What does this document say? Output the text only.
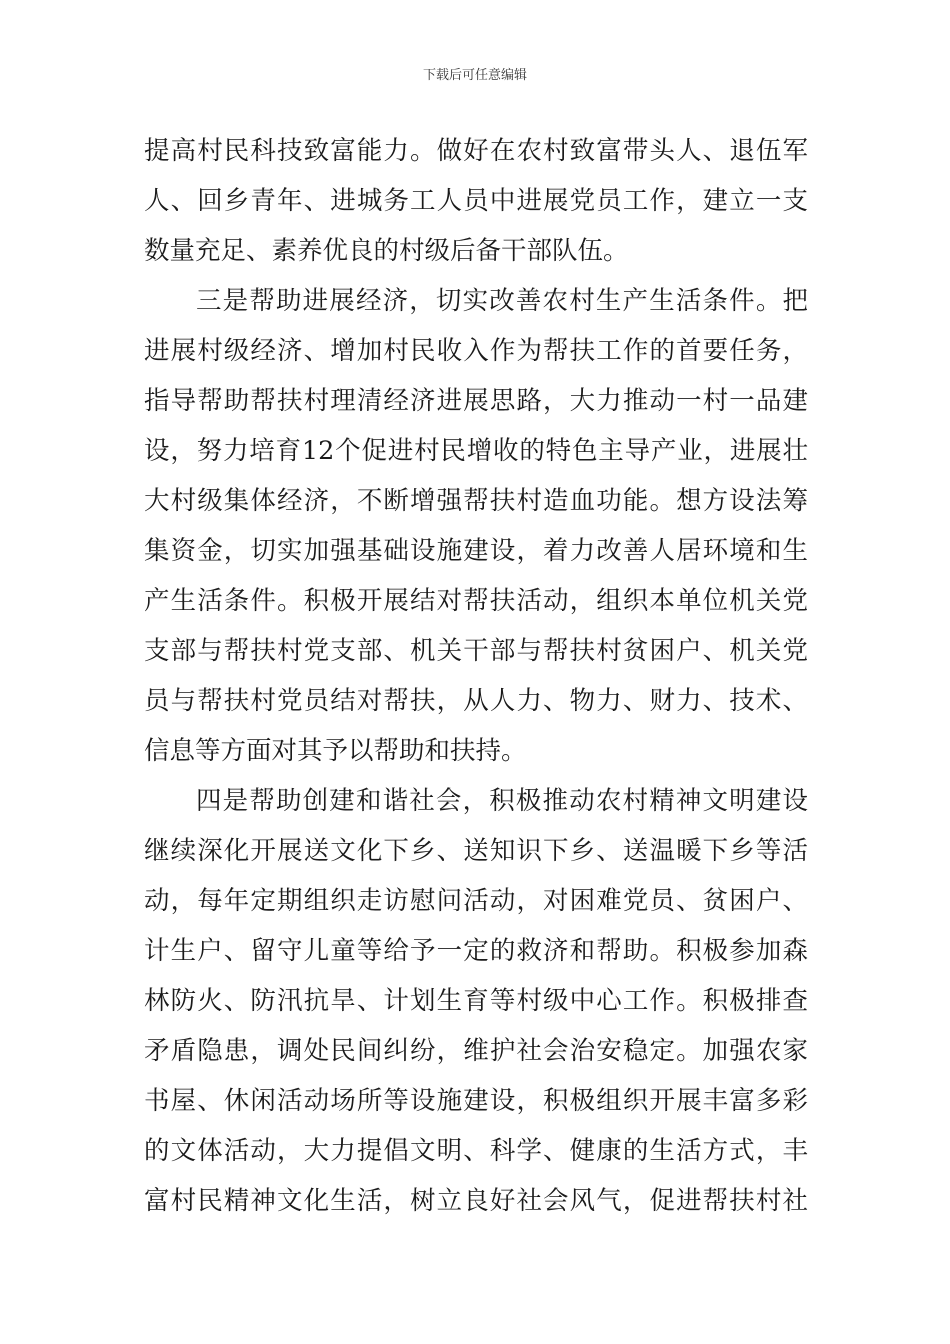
下载后可任意编辑
提高村民科技致富能力。做好在农村致富带头人、退伍军
人、回乡青年、进城务工人员中进展党员工作，建立一支
数量充足、素养优良的村级后备干部队伍。
三是帮助进展经济，切实改善农村生产生活条件。把
进展村级经济、增加村民收入作为帮扶工作的首要任务，
指导帮助帮扶村理清经济进展思路，大力推动一村一品建
设，努力培育12个促进村民增收的特色主导产业，进展壮
大村级集体经济，不断增强帮扶村造血功能。想方设法筹
集资金，切实加强基础设施建设，着力改善人居环境和生
产生活条件。积极开展结对帮扶活动，组织本单位机关党
支部与帮扶村党支部、机关干部与帮扶村贫困户、机关党
员与帮扶村党员结对帮扶，从人力、物力、财力、技术、
信息等方面对其予以帮助和扶持。
四是帮助创建和谐社会，积极推动农村精神文明建设
继续深化开展送文化下乡、送知识下乡、送温暖下乡等活
动，每年定期组织走访慰问活动，对困难党员、贫困户、
计生户、留守儿童等给予一定的救济和帮助。积极参加森
林防火、防汛抗旱、计划生育等村级中心工作。积极排查
矛盾隐患，调处民间纠纷，维护社会治安稳定。加强农家
书屋、休闲活动场所等设施建设，积极组织开展丰富多彩
的文体活动，大力提倡文明、科学、健康的生活方式，丰
富村民精神文化生活，树立良好社会风气，促进帮扶村社
